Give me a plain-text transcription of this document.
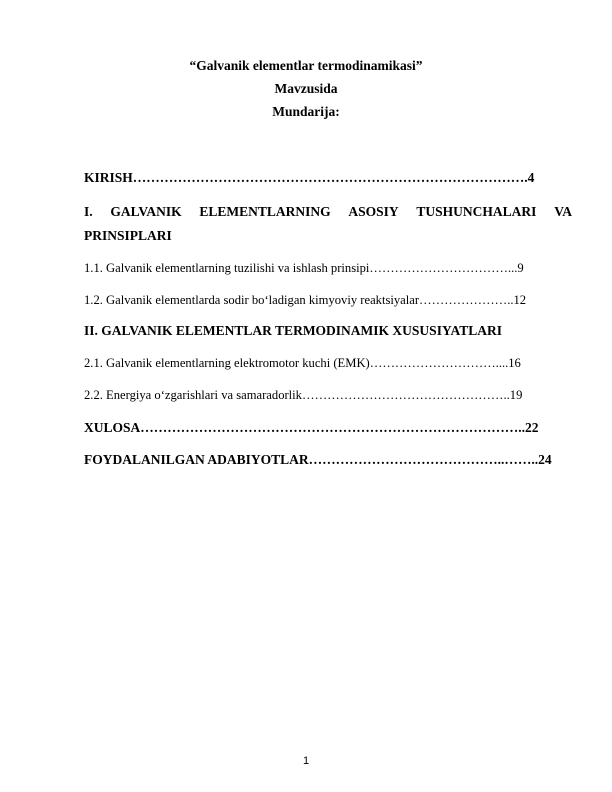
“Galvanik elementlar termodinamikasi”
Mavzusida
Mundarija:
KIRISH…………………………………………………………………………….4
I. GALVANIK ELEMENTLARNING ASOSIY TUSHUNCHALARI VA
PRINSIPLARI
1.1. Galvanik elementlarning tuzilishi va ishlash prinsipi……………………………...9
1.2. Galvanik elementlarda sodir bo‘ladigan kimyoviy reaktsiyalar…………………..12
II. GALVANIK ELEMENTLAR TERMODINAMIK XUSUSIYATLARI
2.1. Galvanik elementlarning elektromotor kuchi (EMK)…………………………....16
2.2. Energiya o‘zgarishlari va samaradorlik…………………………………………..19
XULOSA…………………………………………………………………………..22
FOYDALANILGAN ADABIYOTLAR……………………………………..……..24
1
